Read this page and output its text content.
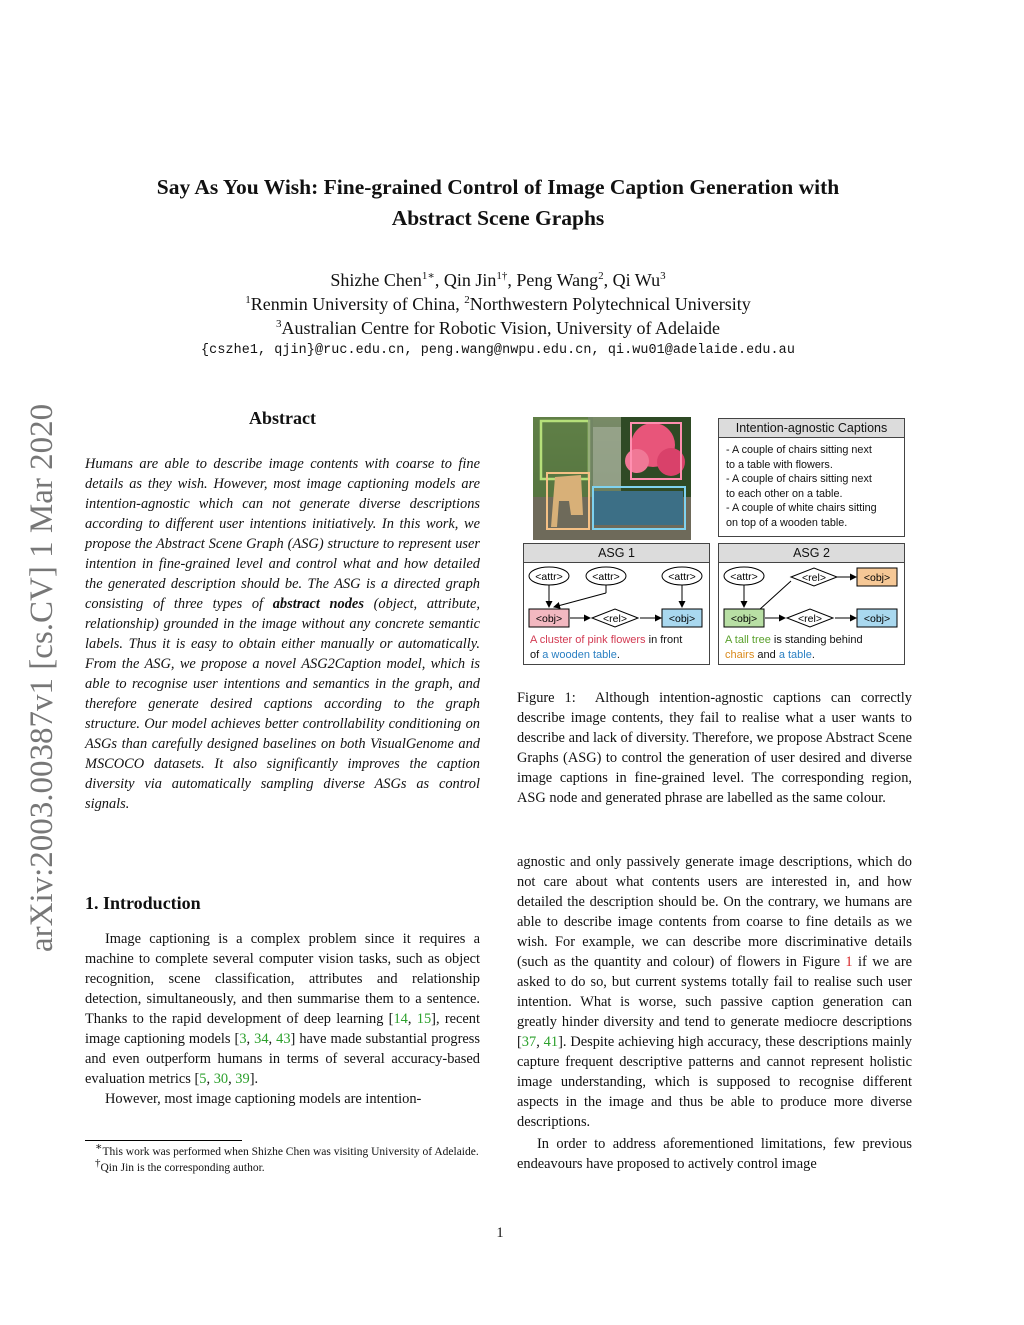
arXiv:2003.00387v1 [cs.CV] 1 Mar 2020
Say As You Wish: Fine-grained Control of Image Caption Generation with
Abstract Scene Graphs
Shizhe Chen$^{1∗}$, Qin Jin$^{1\dagger}$, Peng Wang$^2$, Qi Wu$^3$
$^1$Renmin University of China, $^2$Northwestern Polytechnical University
$^3$Australian Centre for Robotic Vision, University of Adelaide
{cszhe1, qjin}@ruc.edu.cn, peng.wang@nwpu.edu.cn, qi.wu01@adelaide.edu.au
Abstract
Humans are able to describe image contents with coarse to fine details as they wish. However, most image captioning models are intention-agnostic which can not generate diverse descriptions according to different user intentions initiatively. In this work, we propose the Abstract Scene Graph (ASG) structure to represent user intention in fine-grained level and control what and how detailed the generated description should be. The ASG is a directed graph consisting of three types of abstract nodes (object, attribute, relationship) grounded in the image without any concrete semantic labels. Thus it is easy to obtain either manually or automatically. From the ASG, we propose a novel ASG2Caption model, which is able to recognise user intentions and semantics in the graph, and therefore generate desired captions according to the graph structure. Our model achieves better controllability conditioning on ASGs than carefully designed baselines on both VisualGenome and MSCOCO datasets. It also significantly improves the caption diversity via automatically sampling diverse ASGs as control signals.
1. Introduction

Image captioning is a complex problem since it requires a machine to complete several computer vision tasks, such as object recognition, scene classification, attributes and relationship detection, simultaneously, and then summarise them to a sentence. Thanks to the rapid development of deep learning [14, 15], recent image captioning models [3, 34, 43] have made substantial progress and even outperform humans in terms of several accuracy-based evaluation metrics [5, 30, 39].

However, most image captioning models are intention-

∗This work was performed when Shizhe Chen was visiting University of Adelaide.

†Qin Jin is the corresponding author.

Intention-agnostic Captions
- A couple of chairs sitting next
to a table with flowers.
- A couple of chairs sitting next
to each other on a table.
- A couple of white chairs sitting
on top of a wooden table.
ASG 1
<attr>	<attr>	<attr>
<obj>	<rel>	<obj>
A cluster of pink flowers in front
of a wooden table.
ASG 2
<attr>	<rel>	<obj>
<obj>	<rel>	<obj>
A tall tree is standing behind
chairs and a table.

Figure 1: Although intention-agnostic captions can correctly describe image contents, they fail to realise what a user wants to describe and lack of diversity. Therefore, we propose Abstract Scene Graphs (ASG) to control the generation of user desired and diverse image captions in fine-grained level. The corresponding region, ASG node and generated phrase are labelled as the same colour.

agnostic and only passively generate image descriptions, which do not care about what contents users are interested in, and how detailed the description should be. On the contrary, we humans are able to describe image contents from coarse to fine details as we wish. For example, we can describe more discriminative details (such as the quantity and colour) of flowers in Figure 1 if we are asked to do so, but current systems totally fail to realise such user intention. What is worse, such passive caption generation can greatly hinder diversity and tend to generate mediocre descriptions [37, 41]. Despite achieving high accuracy, these descriptions mainly capture frequent descriptive patterns and cannot represent holistic image understanding, which is supposed to recognise different aspects in the image and thus be able to produce more diverse descriptions.

In order to address aforementioned limitations, few previous endeavours have proposed to actively control image

1
